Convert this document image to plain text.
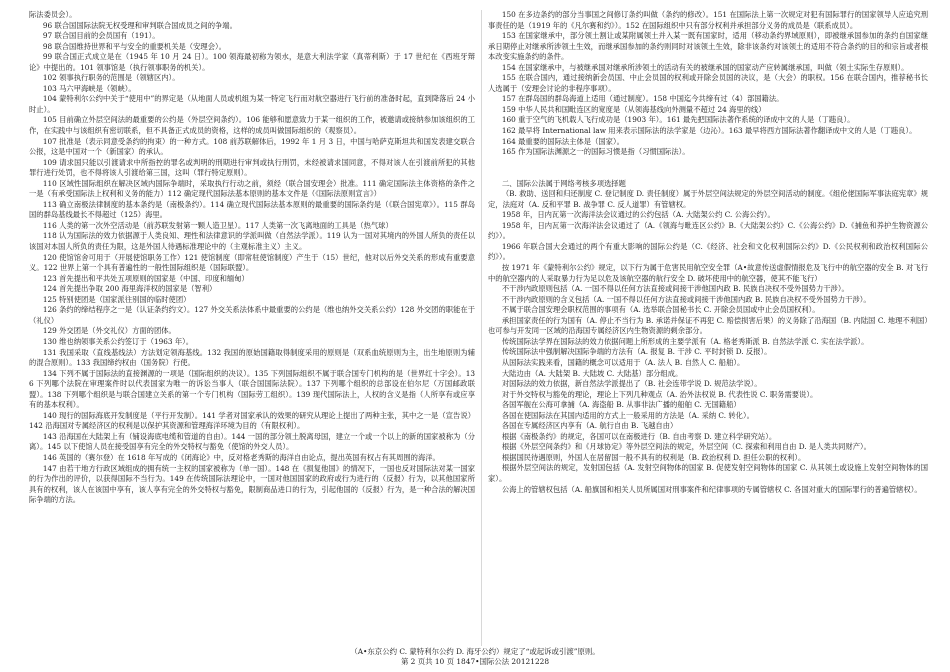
际法委员会）。

96 联合国国际法院无权受理和审判联合国成员之间的争端。

97 联合国目前的会员国有（191）。

98 联合国维持世界和平与安全的重要机关是（安理会）。

99 联合国正式成立是在（1945 年 10 月 24 日）。100 领海最初称为领水，是意大利法学家（真蒂利斯）于 17 世纪在《西班牙辩论》中提出的。101 领事馆是（执行领事职务的机关）。

102 领事执行职务的范围是（领辖区内）。

103 马六甲海峡是（领峡）。

104 蒙特利尔公约中关于“使用中”的界定是（从地面人员或机组为某一特定飞行而对航空器进行飞行前的准备时起，直到降落后 24 小时止）。

105 目前确立外层空间法的最重要的公约是（外层空间条约）。106 能够和愿意致力于某一组织的工作，被邀请或接纳参加该组织的工作，在实践中与该组织有密切联系，但不具备正式成员的资格，这样的成员叫做国际组织的（观察员）。

107 批准是（表示同意受条约的拘束）的一种方式。108 前苏联解体后，1992 年 1 月 3 日，中国与哈萨克斯坦共和国发表建交联合公报，这是中国对一个（新国家）的承认。

109 请求国只能以引渡请求中所指控的罪名或判明的刑期进行审判或执行刑罚，未经被请求国同意，不得对该人在引渡前所犯的其他罪行进行处罚，也不得将该人引渡给第三国，这叫（罪行特定原则）。

110 区域性国际组织在解决区域内国际争端时，采取执行行动之前，须经（联合国安理会）批准。111 确定国际法主体资格的条件之一是（有承受国际法上权利和义务的能力）112 确定现代国际法基本原则的基本文件是（《国际法原则宣言》）

113 确立南极法律制度的基本条约是（南极条约）。114 确立现代国际法基本原则的最重要的国际条约是（《联合国宪章》）。115 群岛国的群岛基线最长不得超过（125）海里。

116 人类的第一次外空活动是（前苏联发射第一颗人造卫星）。117 人类第一次飞离地面的工具是（热气球）

118 认为国际法的效力依据源于人类良知、理性和法律意识的学派叫做（自然法学派）。119 认为一国对其境内的外国人所负的责任以该国对本国人所负的责任为限，这是外国人待遇标准理论中的（主观标准主义）主义。

120 使馆馆舍可用于（开展使馆职务工作）121 使馆制度（即常驻使馆制度）产生于（15）世纪，他对以后外交关系的形成有重要意义。122 世界上第一个具有普遍性的一般性国际组织是（国际联盟）。

123 首先提出和平共处五项原则的国家是（中国、印度和缅甸）

124 首先提出争取 200 海里海洋权的国家是（智利）

125 特别使团是（国家派往别国的临时使团）

126 条约的缔结程序之一是（认证条约约文）。127 外交关系法体系中最重要的公约是（维也纳外交关系公约）128 外交团的职能在于（礼仪）

129 外交团是（外交礼仪）方面的团体。

130 维也纳领事关系公约签订于（1963 年）。

131 我国采取（直线基线法）方法划定领海基线。132 我国的原始国籍取得制度采用的原则是（双系血统原则为主，出生地原则为辅的混合原则）。133 我国缔约权由（国务院）行使。

134 下列不属于国际法的直接渊源的一项是（国际组织的决议）。135 下列国际组织不属于联合国专门机构的是（世界红十字会）。136 下列哪个法院在审理案件时以代表国家为唯一的诉讼当事人（联合国国际法院）。137 下列哪个组织的总部设在伯尔尼（万国邮政联盟）。138 下列哪个组织是与联合国建立关系的第一个专门机构（国际劳工组织）。139 现代国际法上，人权的含义是指（人所享有或应享有的基本权利）。

140 现行的国际海底开发制度是（平行开发制）。141 学者对国家承认的效果的研究从理论上提出了两种主张，其中之一是（宣告说）142 沿海国对专属经济区的权利是以保护其资源和管理海洋环境为目的（有限权利）。

143 沿海国在大陆架上有（铺设海底电缆和管道的自由）。144 一国的部分领土脱离母国，建立一个或一个以上的新的国家被称为（分离）。145 以下使馆人员在接受国享有完全的外交特权与豁免（使馆的外交人员）。

146 英国的（赛尔登）在 1618 年写成的《闭海论》中，反对格老秀斯的海洋自由论点，提出英国有权占有其周围的海洋。

147 由若干地方行政区域组成的拥有统一主权的国家被称为（单一国）。148 在《损复他国》的情况下，一国也反对国际法对某一国家的行为作出的评价，以获得国际不当行为。149 在传统国际法理论中，一国对他国国家的政府或行为进行的（反报）行为，以其他国家所具有的权利，该人在该国中享有，该人享有完全的外交特权与豁免，限制商品进口的行为，引起他国的（反报）行为，是一种合法的解决国际争端的方法。

150 在多边条约的部分当事国之间修订条约叫做（条约的修改）。151 在国际法上第一次规定对犯有国际罪行的国家领导人应追究刑事责任的是（1919 年的《凡尔赛和约》）。152 在国际组织中只有部分权利并承担部分义务的成员是（联系成员）。

153 在国家继承中，部分领土割让或某附属领土并入某一既有国家时，适用（移动条约界域原则），即被继承国参加的条约自国家继承日期停止对继承所涉领土生效，而继承国参加的条约则同时对该领土生效，除非该条约对该领土的适用不符合条约的目的和宗旨或者根本改变实施条约的条件。

154 在国家继承中，与被继承国对继承所涉领土的活动有关的被继承国的国家动产应转属继承国，叫做（领土实际生存原则）。

155 在联合国内，通过接纳新会员国、中止会员国的权利或开除会员国的决议，是（大会）的职权。156 在联合国内，推荐秘书长人选属于（安理会讨论的非程序事项）。

157 在群岛国的群岛海道上适用（通过制度）。158 中国迄今共缔有过（4）部国籍法。

159 中华人民共和国毗连区的宽度是（从领海基线向外测量不超过 24 海里的线）

160 重于空气的飞机载人飞行成功是（1903 年）。161 最先把国际法著作系统的译成中文的人是（丁韪良）。

162 最早将 International law 用来表示国际法的法学家是（边沁）。163 最早将西方国际法著作翻译成中文的人是（丁韪良）。

164 最重要的国际法主体是（国家）。

165 作为国际法渊源之一的国际习惯是指（习惯国际法）。

二、国际公法属于网络考核多项选择题

（B. 救助、送回和归还制度 C. 登记制度 D. 责任制度）属于外层空间法规定的外层空间活动的制度。《组伦佬国际军事法庭宪章》规定，法庭对（A. 反和平罪 B. 战争罪 C. 反人道罪）有管辖权。

1958 年，日内瓦第一次海洋法会议通过的公约包括（A. 大陆架公约 C. 公海公约）。

1958 年，日内瓦第一次海洋法会议通过了（A.《领海与毗连区公约》B.《大陆架公约》C.《公海公约》D.《捕鱼和养护生物资源公约》）。

1966 年联合国大会通过的两个有重大影响的国际公约是（C.《经济、社会和文化权利国际公约》D.《公民权利和政治权利国际公约》）。

按 1971 年《蒙特利尔公约》规定，以下行为属于危害民用航空安全罪（A•故意传送虚假情报危及飞行中的航空器的安全 B. 对飞行中的航空器内的人采取暴力行为足以危及该航空器的航行安全 D. 破坏使用中的航空器，使其不能飞行）

不干涉内政原则包括（A. 一国不得以任何方法直接或间接干涉他国内政 B. 民族自决权不受外国势力干涉）。

不干涉内政原则的含义包括（A. 一国不得以任何方法直接或间接干涉他国内政 B. 民族自决权不受外国势力干涉）。

不属于联合国安理会职权范围的事项有（A. 选举联合国秘书长 C. 开除会员国或中止会员国权利）。

承担国家责任的行为国有（A. 停止不当行为 B. 承诺并保证不再犯 C. 赔偿损害后果）的义务除了沿海国（B. 内陆国 C. 地理不利国）也可参与开发同一区域的沿海国专属经济区内生物资源的剩余部分。

传统国际法学界在国际法的效力依据问题上所形成的主要学派有（A. 格老秀斯派 B. 自然法学派 C. 实在法学派）。

传统国际法中强制解决国际争端的方法有（A. 报复 B. 干涉 C. 平时封锁 D. 反报）。

从国际法实践来看，国籍的概念可以适用于（A. 法人 B. 自然人 C. 船舶）。

大陆边由（A. 大陆架 B. 大陆坡 C. 大陆基）部分组成。

对国际法的效力依据，新自然法学派提出了（B. 社会连带学说 D. 规范法学说）。

对于外交特权与豁免的理论，理论上下列几种观点（A. 治外法权说 B. 代表性说 C. 职务需要说）。

各国军舰在公海可拿捕（A. 海盗船 B. 从事非法广播的船舶 C. 无国籍船）

各国在使国际法在其国内适用的方式上一般采用的方法是（A. 采纳 C. 转化）。

各国在专属经济区内享有（A. 航行自由 B. 飞越自由）

根据《南极条约》的规定，各国可以在南极进行（B. 自由考察 D. 建立科学研究站）。

根据《外层空间条约》和《月球协定》等外层空间法的规定，外层空间（C. 探索和利用自由 D. 是人类共同财产）。

根据国民待遇原则，外国人在居留国一般不具有的权利是（B. 政治权利 D. 担任公职的权利）。

根据外层空间法的规定，发射国包括（A. 发射空间物体的国家 B. 促使发射空间物体的国家 C. 从其领土或设施上发射空间物体的国家）。

公海上的管辖权包括（A. 船旗国和相关人员所属国对刑事案件和纪律事项的专属管辖权 C. 各国对重大的国际罪行的普遍管辖权）。

（A•东京公约 C. 蒙特利尔公约 D. 海牙公约）规定了“或起诉或引渡”原则。
第 2 页共 10 页 1847•国际公法 20121228
